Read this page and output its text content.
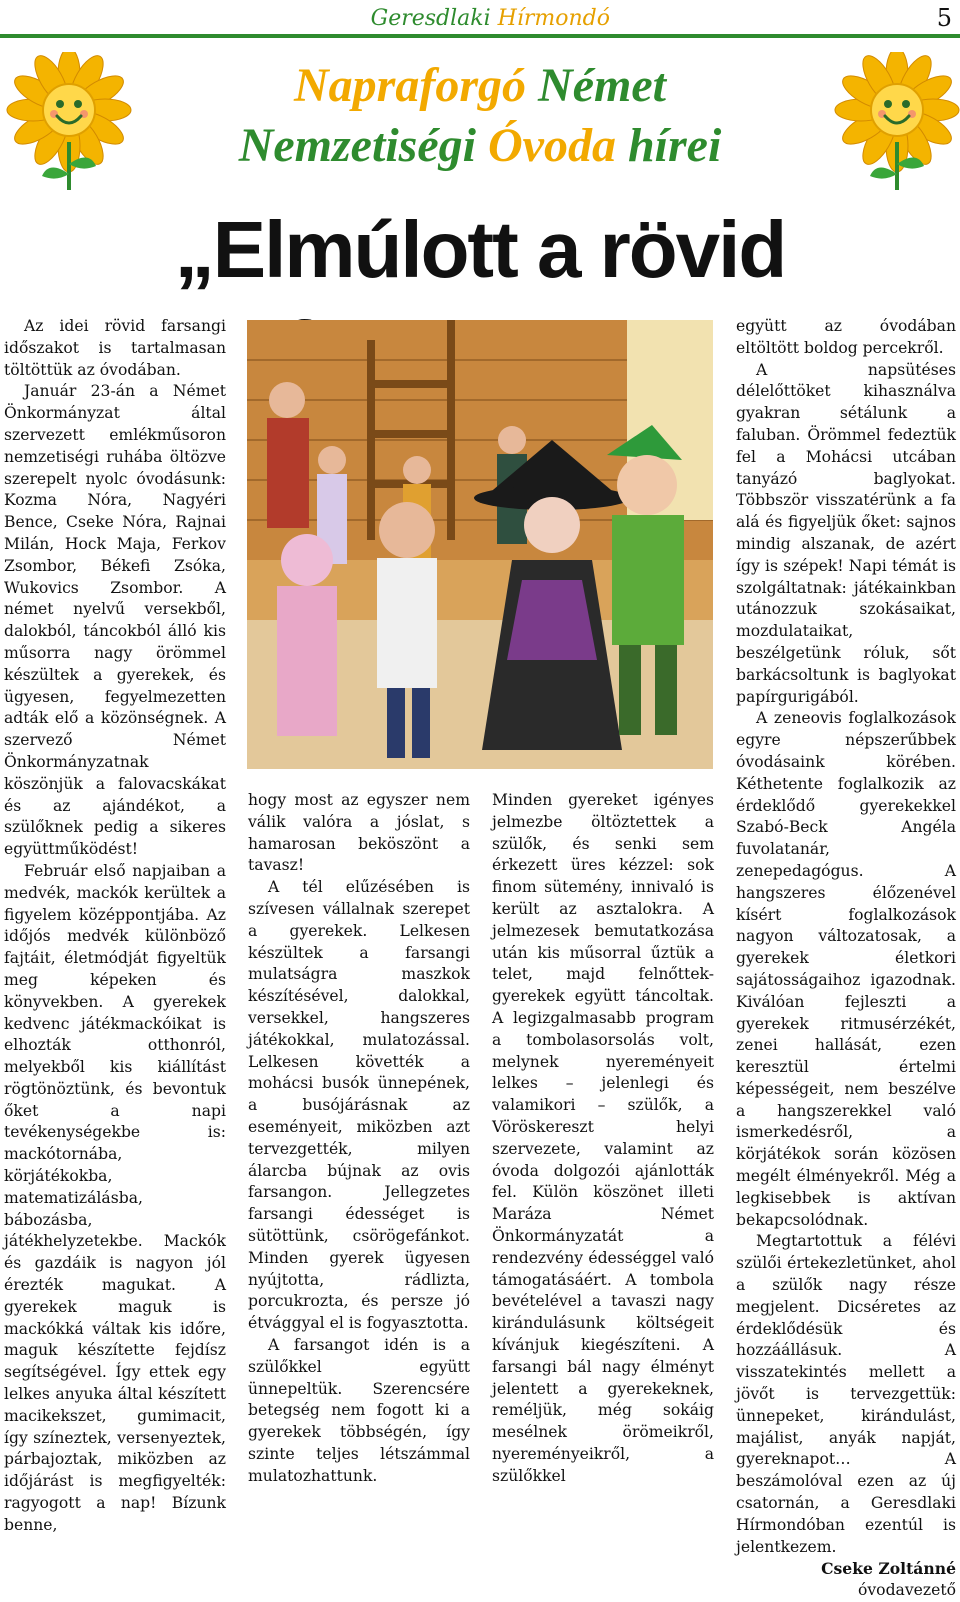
Geresdlaki Hírmondó	5
Napraforgó Német
Nemzetiségi Óvoda hírei
„Elmúlott a rövid

Az idei rövid farsangi időszakot is tartalmasan töltöttük az óvodában.

Január 23-án a Német Önkormányzat által szervezett emlékműsoron nemzetiségi ruhába öltözve szerepelt nyolc óvodásunk: Kozma Nóra, Nagyéri Bence, Cseke Nóra, Rajnai Milán, Hock Maja, Ferkov Zsombor, Békefi Zsóka, Wukovics Zsombor. A német nyelvű versekből, dalokból, táncokból álló kis műsorra nagy örömmel készültek a gyerekek, és ügyesen, fegyelmezetten adták elő a közönségnek. A szervező Német Önkormányzatnak köszönjük a falovacskákat és az ajándékot, a szülőknek pedig a sikeres együttműködést!

Február első napjaiban a medvék, mackók kerültek a figyelem középpontjába. Az időjós medvék különböző fajtáit, életmódját figyeltük meg képeken és könyvekben. A gyerekek kedvenc játékmackóikat is elhozták otthonról, melyekből kis kiállítást rögtönöztünk, és bevontuk őket a napi tevékenységekbe is: mackótornába, körjátékokba, matematizálásba, bábozásba, játékhelyzetekbe. Mackók és gazdáik is nagyon jól érezték magukat. A gyerekek maguk is mackókká váltak kis időre, maguk készítette fejdísz segítségével. Így ettek egy lelkes anyuka által készített macikekszet, gumimacit, így színeztek, versenyeztek, párbajoztak, miközben az időjárást is megfigyelték: ragyogott a nap! Bízunk benne,

hogy most az egyszer nem válik valóra a jóslat, s hamarosan beköszönt a tavasz!

A tél elűzésében is szívesen vállalnak szerepet a gyerekek. Lelkesen készültek a farsangi mulatságra maszkok készítésével, dalokkal, versekkel, hangszeres játékokkal, mulatozással. Lelkesen követték a mohácsi busók ünnepének, a busójárásnak az eseményeit, miközben azt tervezgették, milyen álarcba bújnak az ovis farsangon. Jellegzetes farsangi édességet is sütöttünk, csörögefánkot. Minden gyerek ügyesen nyújtotta, rádlizta, porcukrozta, és persze jó étvággyal el is fogyasztotta.

A farsangot idén is a szülőkkel együtt ünnepeltük. Szerencsére betegség nem fogott ki a gyerekek többségén, így szinte teljes létszámmal mulatozhattunk.

Minden gyereket igényes jelmezbe öltöztettek a szülők, és senki sem érkezett üres kézzel: sok finom sütemény, innivaló is került az asztalokra. A jelmezesek bemutatkozása után kis műsorral űztük a telet, majd felnőttek-gyerekek együtt táncoltak. A legizgalmasabb program a tombolasorsolás volt, melynek nyereményeit lelkes – jelenlegi és valamikori – szülők, a Vöröskereszt helyi szervezete, valamint az óvoda dolgozói ajánlották fel. Külön köszönet illeti Maráza Német Önkormányzatát a rendezvény édességgel való támogatásáért. A tombola bevételével a tavaszi nagy kirándulásunk költségeit kívánjuk kiegészíteni. A farsangi bál nagy élményt jelentett a gyerekeknek, reméljük, még sokáig mesélnek örömeikről, nyereményeikről, a szülőkkel

együtt az óvodában eltöltött boldog percekről.

A napsütéses délelőttöket kihasználva gyakran sétálunk a faluban. Örömmel fedeztük fel a Mohácsi utcában tanyázó baglyokat. Többször visszatérünk a fa alá és figyeljük őket: sajnos mindig alszanak, de azért így is szépek! Napi témát is szolgáltatnak: játékainkban utánozzuk szokásaikat, mozdulataikat, beszélgetünk róluk, sőt barkácsoltunk is baglyokat papírgurigából.

A zeneovis foglalkozások egyre népszerűbbek óvodásaink körében. Kéthetente foglalkozik az érdeklődő gyerekekkel Szabó-Beck Angéla fuvolatanár, zenepedagógus. A hangszeres élőzenével kísért foglalkozások nagyon változatosak, a gyerekek életkori sajátosságaihoz igazodnak. Kiválóan fejleszti a gyerekek ritmusérzékét, zenei hallását, ezen keresztül értelmi képességeit, nem beszélve a hangszerekkel való ismerkedésről, a körjátékok során közösen megélt élményekről. Még a legkisebbek is aktívan bekapcsolódnak.

Megtartottuk a félévi szülői értekezletünket, ahol a szülők nagy része megjelent. Dicséretes az érdeklődésük és hozzáállásuk. A visszatekintés mellett a jövőt is tervezgettük: ünnepeket, kirándulást, majálist, anyák napját, gyereknapot… A beszámolóval ezen az új csatornán, a Geresdlaki Hírmondóban ezentúl is jelentkezem.

Cseke Zoltánné

óvodavezető
